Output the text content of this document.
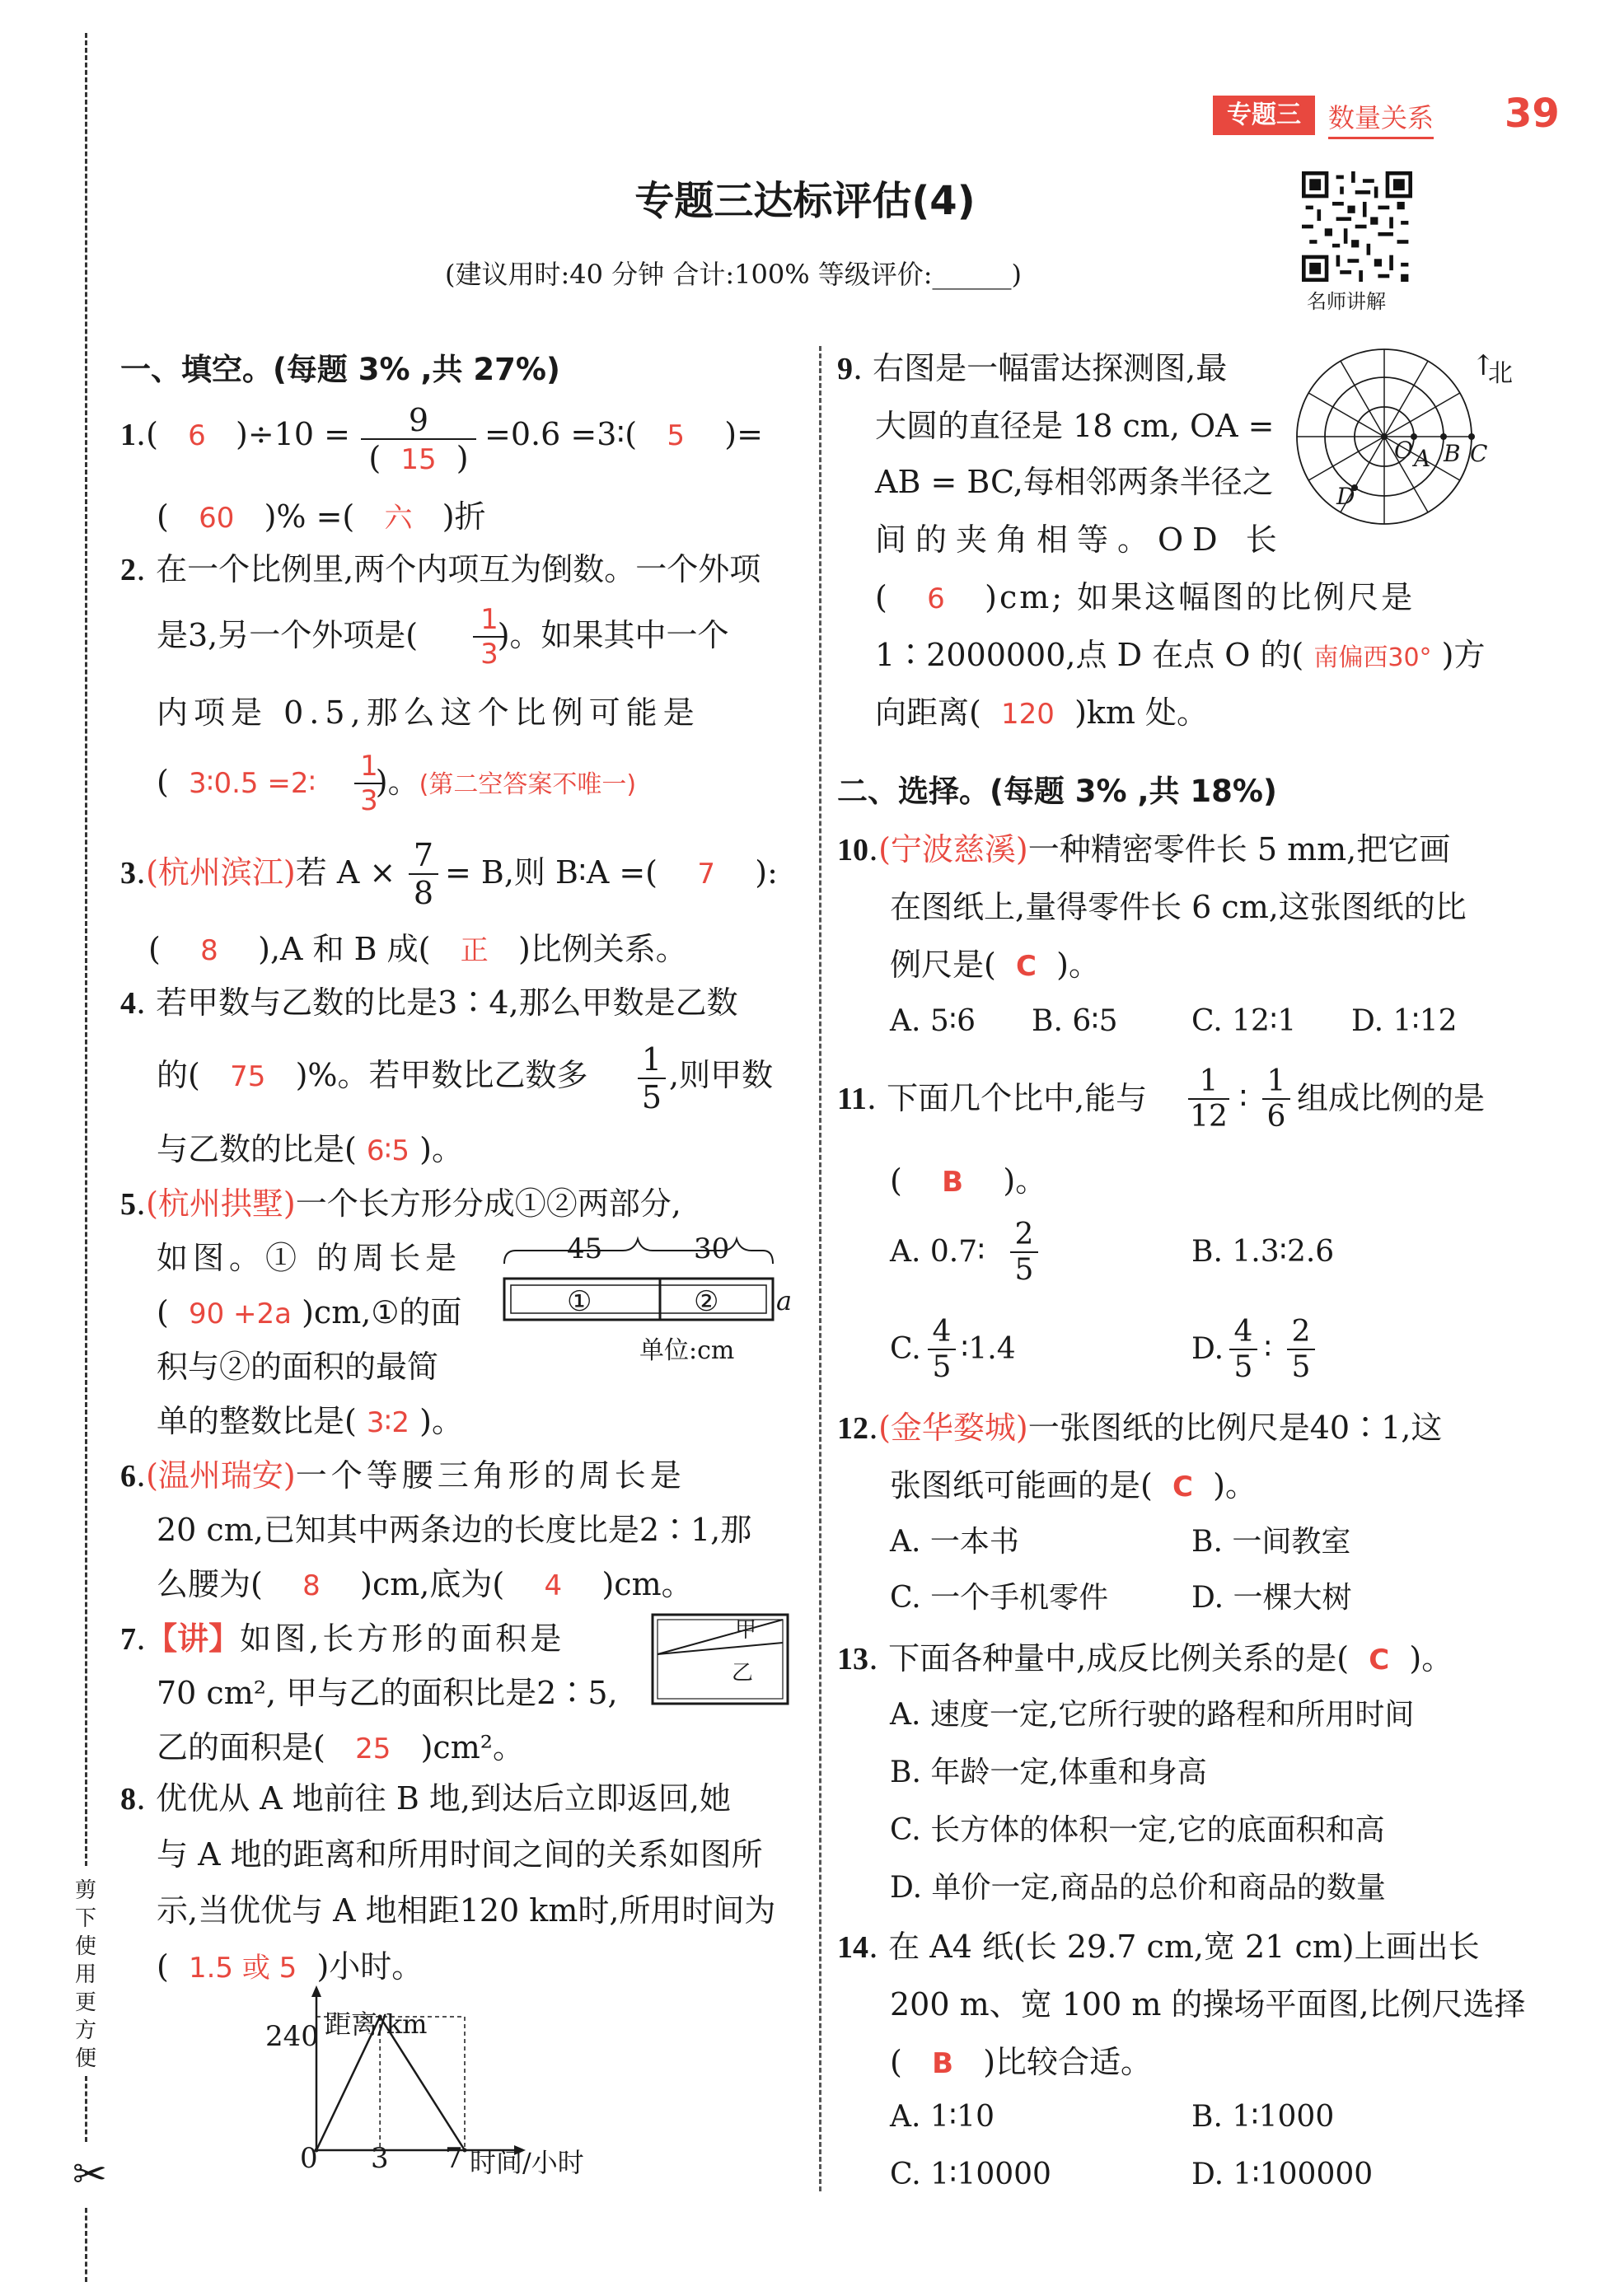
剪
下
使
用
更
方
便
✂
专题三	数量关系 39
专题三达标评估(4)
(建议用时:40 分钟 合计:100% 等级评价:______)
名师讲解
一、填空。(每题 3% ,共 27%)
1.(   6 )÷10 =	9
(  15  )
=0.6 =3∶( 5    )=
(   60 )% =( 六 )折
2. 在一个比例里,两个内项互为倒数。一个外项
是3,另一个外项是(	)。如果其中一个
1
3
内项是 0.5,那么这个比例可能是
(  3∶0.5 =2∶ )。(第二空答案不唯一)
1
3
3.(杭州滨江)若 A × 7
8
= B,则 B∶A =( 7    ):
(    8 ),A 和 B 成( 正 )比例关系。
4. 若甲数与乙数的比是3∶4,那么甲数是乙数
的( 75 )%。若甲数比乙数多 1
5
,则甲数
与乙数的比是( 6∶5 )。
5.(杭州拱墅)一个长方形分成①②两部分,
如图。① 的周长是
(  90 +2a )cm,①的面
积与②的面积的最简
单的整数比是( 3∶2 )。
45	30
①	② a
单位:cm
6.(温州瑞安)一个等腰三角形的周长是
20 cm,已知其中两条边的长度比是2∶1,那
么腰为( 8 )cm,底为( 4 )cm。
7.【讲】如图,长方形的面积是
70 cm², 甲与乙的面积比是2∶5,
乙的面积是( 25 )cm²。
甲
乙
8. 优优从 A 地前往 B 地,到达后立即返回,她
与 A 地的距离和所用时间之间的关系如图所
示,当优优与 A 地相距120 km时,所用时间为
(  1.5 或 5 )小时。
距离/km
时间/小时
240
0 3 7
9. 右图是一幅雷达探测图,最
大圆的直径是 18 cm, OA =
AB = BC,每相邻两条半径之
间的夹角相等。OD 长
(    6 )cm; 如果这幅图的比例尺是
1∶2000000,点 D 在点 O 的( 南偏西30° )方
向距离( 120 )km 处。
↑
北
O A B C
D
二、选择。(每题 3% ,共 18%)
10.(宁波慈溪)一种精密零件长 5 mm,把它画
在图纸上,量得零件长 6 cm,这张图纸的比
例尺是( C )。
A. 5∶6 B. 6∶5 C. 12∶1 D. 1∶12
11. 下面几个比中,能与	1
12
∶ 1
6
组成比例的是
(    B )。
A. 0.7∶
2
5
B. 1.3∶2.6
C.
4
5
∶1.4	D.
4
5
∶
2
5
12.(金华婺城)一张图纸的比例尺是40∶1,这
张图纸可能画的是( C )。
A. 一本书	B. 一间教室
C. 一个手机零件	D. 一棵大树
13. 下面各种量中,成反比例关系的是( C )。
A. 速度一定,它所行驶的路程和所用时间
B. 年龄一定,体重和身高
C. 长方体的体积一定,它的底面积和高
D. 单价一定,商品的总价和商品的数量
14. 在 A4 纸(长 29.7 cm,宽 21 cm)上画出长
200 m、宽 100 m 的操场平面图,比例尺选择
(   B )比较合适。
A. 1∶10	B. 1∶1000
C. 1∶10000	D. 1∶100000
